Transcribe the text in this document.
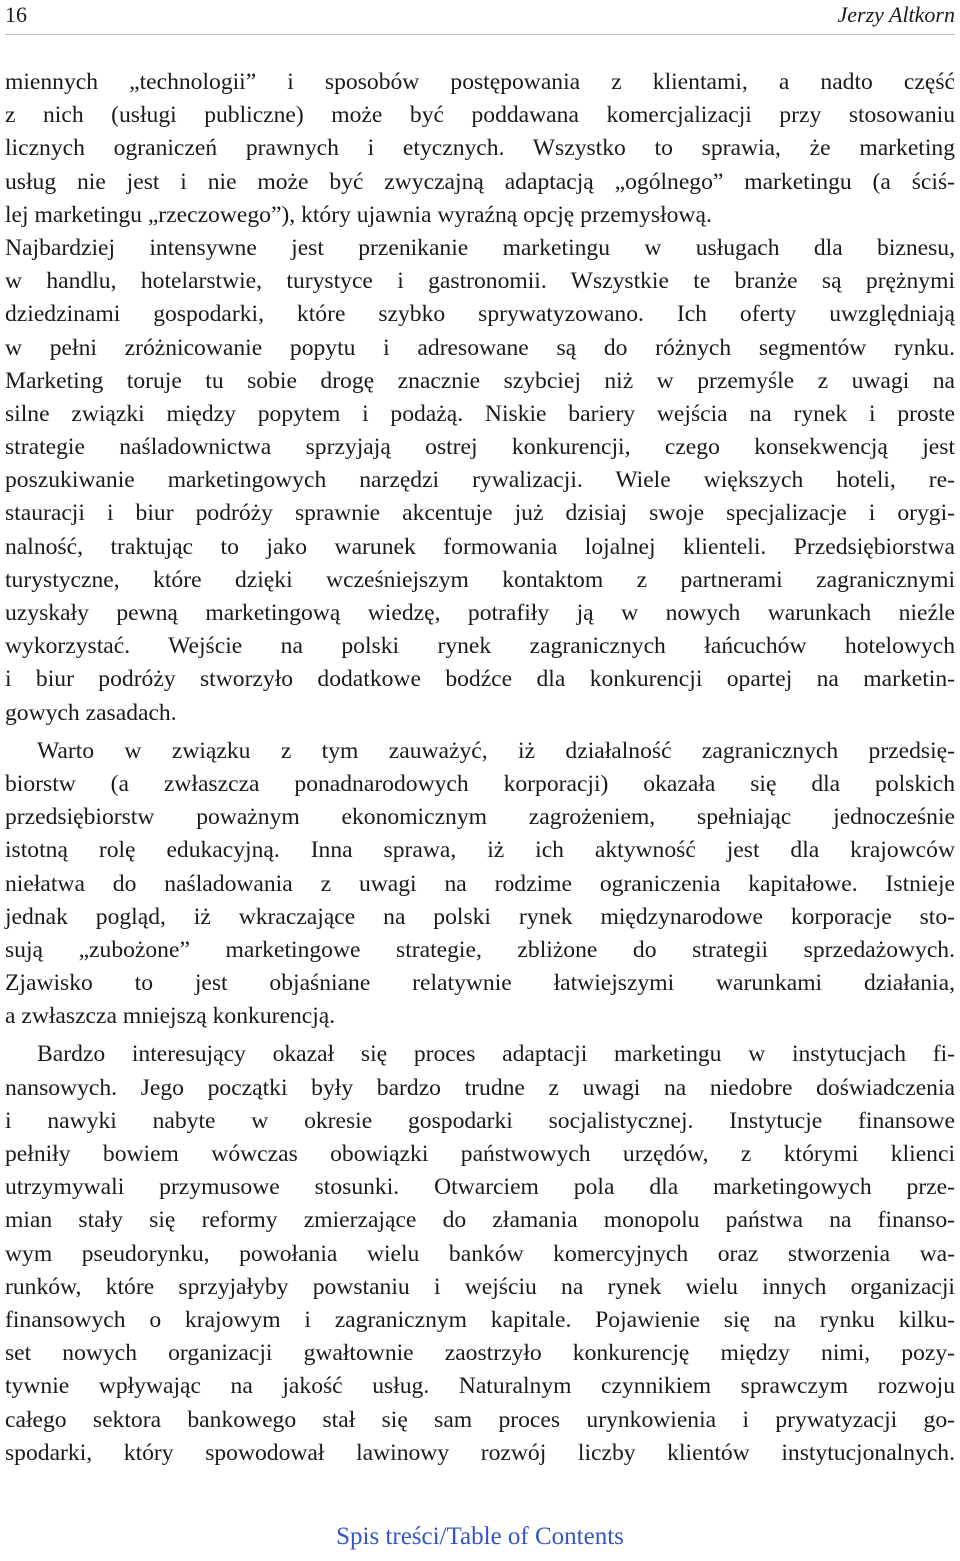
16	Jerzy Altkorn
miennych „technologii” i sposobów postępowania z klientami, a nadto część
z nich (usługi publiczne) może być poddawana komercjalizacji przy stosowaniu
licznych ograniczeń prawnych i etycznych. Wszystko to sprawia, że marketing
usług nie jest i nie może być zwyczajną adaptacją „ogólnego” marketingu (a ściś-
lej marketingu „rzeczowego”), który ujawnia wyraźną opcję przemysłową.
Najbardziej intensywne jest przenikanie marketingu w usługach dla biznesu,
w handlu, hotelarstwie, turystyce i gastronomii. Wszystkie te branże są prężnymi
dziedzinami gospodarki, które szybko sprywatyzowano. Ich oferty uwzględniają
w pełni zróżnicowanie popytu i adresowane są do różnych segmentów rynku.
Marketing toruje tu sobie drogę znacznie szybciej niż w przemyśle z uwagi na
silne związki między popytem i podażą. Niskie bariery wejścia na rynek i proste
strategie naśladownictwa sprzyjają ostrej konkurencji, czego konsekwencją jest
poszukiwanie marketingowych narzędzi rywalizacji. Wiele większych hoteli, re-
stauracji i biur podróży sprawnie akcentuje już dzisiaj swoje specjalizacje i orygi-
nalność, traktując to jako warunek formowania lojalnej klienteli. Przedsiębiorstwa
turystyczne, które dzięki wcześniejszym kontaktom z partnerami zagranicznymi
uzyskały pewną marketingową wiedzę, potrafiły ją w nowych warunkach nieźle
wykorzystać. Wejście na polski rynek zagranicznych łańcuchów hotelowych
i biur podróży stworzyło dodatkowe bodźce dla konkurencji opartej na marketin-
gowych zasadach.
Warto w związku z tym zauważyć, iż działalność zagranicznych przedsię-
biorstw (a zwłaszcza ponadnarodowych korporacji) okazała się dla polskich
przedsiębiorstw poważnym ekonomicznym zagrożeniem, spełniając jednocześnie
istotną rolę edukacyjną. Inna sprawa, iż ich aktywność jest dla krajowców
niełatwa do naśladowania z uwagi na rodzime ograniczenia kapitałowe. Istnieje
jednak pogląd, iż wkraczające na polski rynek międzynarodowe korporacje sto-
sują „zubożone” marketingowe strategie, zbliżone do strategii sprzedażowych.
Zjawisko to jest objaśniane relatywnie łatwiejszymi warunkami działania,
a zwłaszcza mniejszą konkurencją.
Bardzo interesujący okazał się proces adaptacji marketingu w instytucjach fi-
nansowych. Jego początki były bardzo trudne z uwagi na niedobre doświadczenia
i nawyki nabyte w okresie gospodarki socjalistycznej. Instytucje finansowe
pełniły bowiem wówczas obowiązki państwowych urzędów, z którymi klienci
utrzymywali przymusowe stosunki. Otwarciem pola dla marketingowych prze-
mian stały się reformy zmierzające do złamania monopolu państwa na finanso-
wym pseudorynku, powołania wielu banków komercyjnych oraz stworzenia wa-
runków, które sprzyjałyby powstaniu i wejściu na rynek wielu innych organizacji
finansowych o krajowym i zagranicznym kapitale. Pojawienie się na rynku kilku-
set nowych organizacji gwałtownie zaostrzyło konkurencję między nimi, pozy-
tywnie wpływając na jakość usług. Naturalnym czynnikiem sprawczym rozwoju
całego sektora bankowego stał się sam proces urynkowienia i prywatyzacji go-
spodarki, który spowodował lawinowy rozwój liczby klientów instytucjonalnych.
Spis treści/Table of Contents
